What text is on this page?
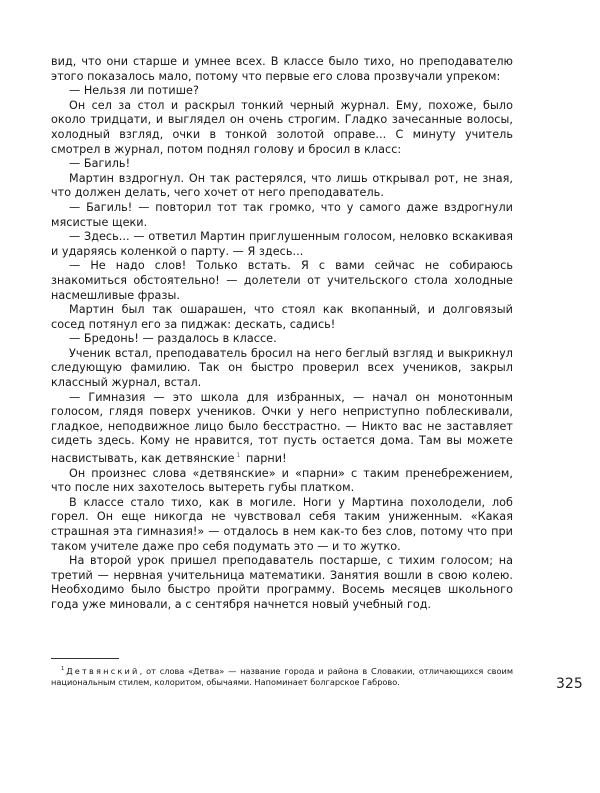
вид, что они старше и умнее всех. В классе было тихо, но преподавателю этого показалось мало, потому что первые его слова прозвучали упреком:

— Нельзя ли потише?

Он сел за стол и раскрыл тонкий черный журнал. Ему, похоже, было около тридцати, и выглядел он очень строгим. Гладко зачесанные волосы, холодный взгляд, очки в тонкой золотой оправе... С минуту учитель смотрел в журнал, потом поднял голову и бросил в класс:

— Багиль!

Мартин вздрогнул. Он так растерялся, что лишь открывал рот, не зная, что должен делать, чего хочет от него преподаватель.

— Багиль! — повторил тот так громко, что у самого даже вздрогнули мясистые щеки.

— Здесь... — ответил Мартин приглушенным голосом, неловко вскакивая и ударяясь коленкой о парту. — Я здесь...

— Не надо слов! Только встать. Я с вами сейчас не собираюсь знакомиться обстоятельно! — долетели от учительского стола холодные насмешливые фразы.

Мартин был так ошарашен, что стоял как вкопанный, и долговязый сосед потянул его за пиджак: дескать, садись!

— Бредонь! — раздалось в классе.

Ученик встал, преподаватель бросил на него беглый взгляд и выкрикнул следующую фамилию. Так он быстро проверил всех учеников, закрыл классный журнал, встал.

— Гимназия — это школа для избранных, — начал он монотонным голосом, глядя поверх учеников. Очки у него неприступно поблескивали, гладкое, неподвижное лицо было бесстрастно. — Никто вас не заставляет сидеть здесь. Кому не нравится, тот пусть остается дома. Там вы можете насвистывать, как детвянские $^1$ парни!

Он произнес слова «детвянские» и «парни» с таким пренебрежением, что после них захотелось вытереть губы платком.

В классе стало тихо, как в могиле. Ноги у Мартина похолодели, лоб горел. Он еще никогда не чувствовал себя таким униженным. «Какая страшная эта гимназия!» — отдалось в нем как-то без слов, потому что при таком учителе даже про себя подумать это — и то жутко.

На второй урок пришел преподаватель постарше, с тихим голосом; на третий — нервная учительница математики. Занятия вошли в свою колею. Необходимо было быстро пройти программу. Восемь месяцев школьного года уже миновали, а с сентября начнется новый учебный год.

$^1$ Детвянский, от слова «Детва» — название города и района в Словакии, отличающихся своим национальным стилем, колоритом, обычаями. Напоминает болгарское Габрово.	325
